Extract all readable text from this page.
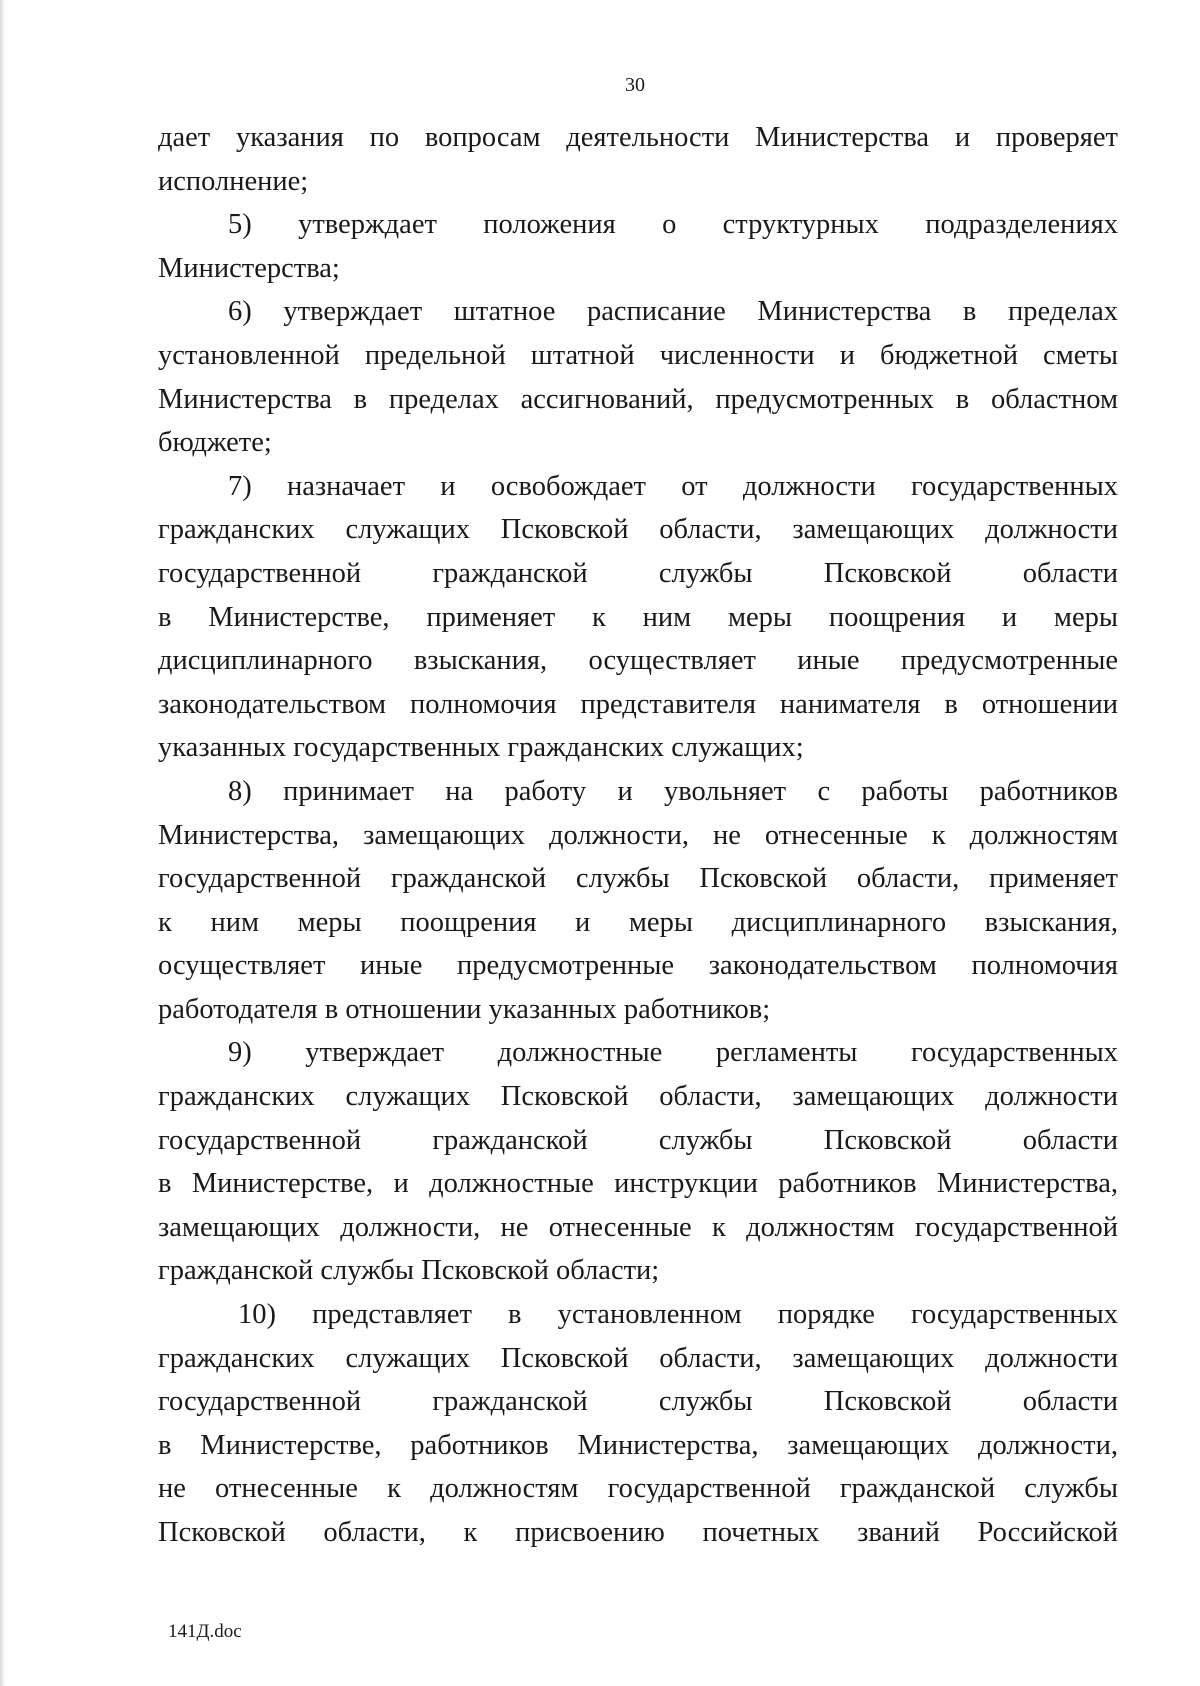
30
дает указания по вопросам деятельности Министерства и проверяет
исполнение;
5) утверждает положения о структурных подразделениях
Министерства;
6) утверждает штатное расписание Министерства в пределах
установленной предельной штатной численности и бюджетной сметы
Министерства в пределах ассигнований, предусмотренных в областном
бюджете;
7) назначает и освобождает от должности государственных
гражданских служащих Псковской области, замещающих должности
государственной гражданской службы Псковской области
в Министерстве, применяет к ним меры поощрения и меры
дисциплинарного взыскания, осуществляет иные предусмотренные
законодательством полномочия представителя нанимателя в отношении
указанных государственных гражданских служащих;
8) принимает на работу и увольняет с работы работников
Министерства, замещающих должности, не отнесенные к должностям
государственной гражданской службы Псковской области, применяет
к ним меры поощрения и меры дисциплинарного взыскания,
осуществляет иные предусмотренные законодательством полномочия
работодателя в отношении указанных работников;
9) утверждает должностные регламенты государственных
гражданских служащих Псковской области, замещающих должности
государственной гражданской службы Псковской области
в Министерстве, и должностные инструкции работников Министерства,
замещающих должности, не отнесенные к должностям государственной
гражданской службы Псковской области;
10) представляет в установленном порядке государственных
гражданских служащих Псковской области, замещающих должности
государственной гражданской службы Псковской области
в Министерстве, работников Министерства, замещающих должности,
не отнесенные к должностям государственной гражданской службы
Псковской области, к присвоению почетных званий Российской
141Д.doc
